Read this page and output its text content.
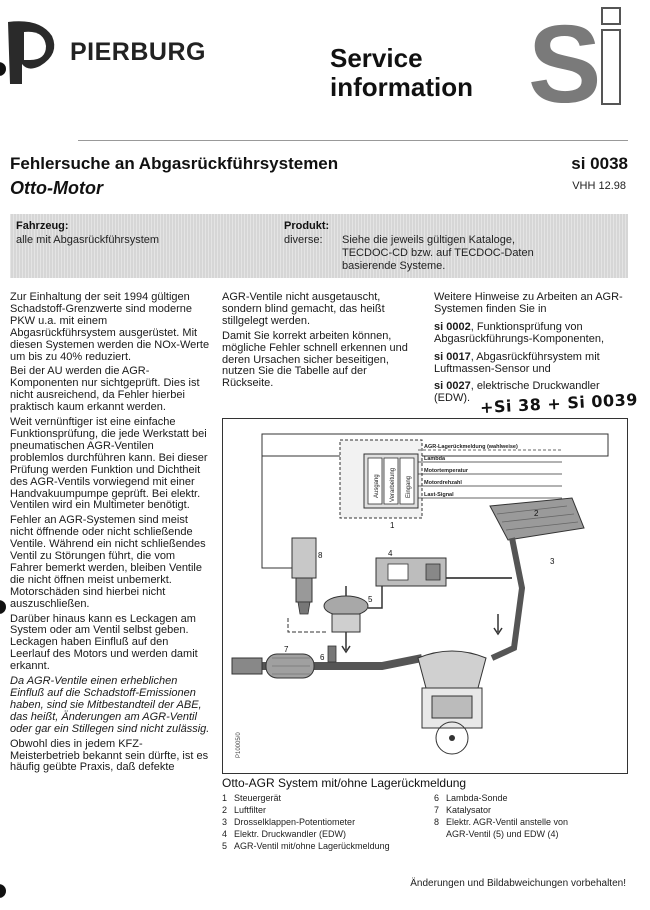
PIERBURG	Service
information S
Fehlersuche an Abgasrückführsystemen
Otto-Motor
si 0038
VHH 12.98
Fahrzeug:
alle mit Abgasrückführsystem
Produkt:
diverse: Siehe die jeweils gültigen Kataloge,
TECDOC-CD bzw. auf TECDOC-Daten
basierende Systeme.

Zur Einhaltung der seit 1994 gültigen Schadstoff-Grenzwerte sind moderne PKW u.a. mit einem Abgasrückführsystem ausgerüstet. Mit diesen Systemen werden die NOx-Werte um bis zu 40% reduziert.

Bei der AU werden die AGR-Komponenten nur sichtgeprüft. Dies ist nicht ausreichend, da Fehler hierbei praktisch kaum erkannt werden.

Weit vernünftiger ist eine einfache Funktionsprüfung, die jede Werkstatt bei pneumatischen AGR-Ventilen problemlos durchführen kann. Bei dieser Prüfung werden Funktion und Dichtheit des AGR-Ventils vorwiegend mit einer Handvakuumpumpe geprüft. Bei elektr. Ventilen wird ein Multimeter benötigt.

Fehler an AGR-Systemen sind meist nicht öffnende oder nicht schließende Ventile. Während ein nicht schließendes Ventil zu Störungen führt, die vom Fahrer bemerkt werden, bleiben Ventile die nicht öffnen meist unbemerkt. Motorschäden sind hierbei nicht auszuschließen.

Darüber hinaus kann es Leckagen am System oder am Ventil selbst geben. Leckagen haben Einfluß auf den Leerlauf des Motors und werden damit erkannt.

Da AGR-Ventile einen erheblichen Einfluß auf die Schadstoff-Emissionen haben, sind sie Mitbestandteil der ABE, das heißt, Änderungen am AGR-Ventil oder gar ein Stillegen sind nicht zulässig.

Obwohl dies in jedem KFZ-Meisterbetrieb bekannt sein dürfte, ist es häufig geübte Praxis, daß defekte

AGR-Ventile nicht ausgetauscht, sondern blind gemacht, das heißt stillgelegt werden.

Damit Sie korrekt arbeiten können, mögliche Fehler schnell erkennen und deren Ursachen sicher beseitigen, nutzen Sie die Tabelle auf der Rückseite.

Weitere Hinweise zu Arbeiten an AGR-Systemen finden Sie in

si 0002, Funktionsprüfung von Abgasrückführungs-Komponenten,

si 0017, Abgasrückführsystem mit Luftmassen-Sensor und

si 0027, elektrische Druckwandler (EDW). +Si 38 + Si 0039
Ausgang Verarbeitung Eingang
AGR-Lagerückmeldung (wahlweise)
Lambda
Motortemperatur
Motordrehzahl
Last-Signal
1
2
3
4
5
6
7
8
P10005/0
Otto-AGR System mit/ohne Lagerückmeldung
1 Steuergerät
2 Luftfilter
3 Drosselklappen-Potentiometer
4 Elektr. Druckwandler (EDW)
5 AGR-Ventil mit/ohne Lagerückmeldung
6 Lambda-Sonde
7 Katalysator
8 Elektr. AGR-Ventil anstelle von
AGR-Ventil (5) und EDW (4)
Änderungen und Bildabweichungen vorbehalten!
